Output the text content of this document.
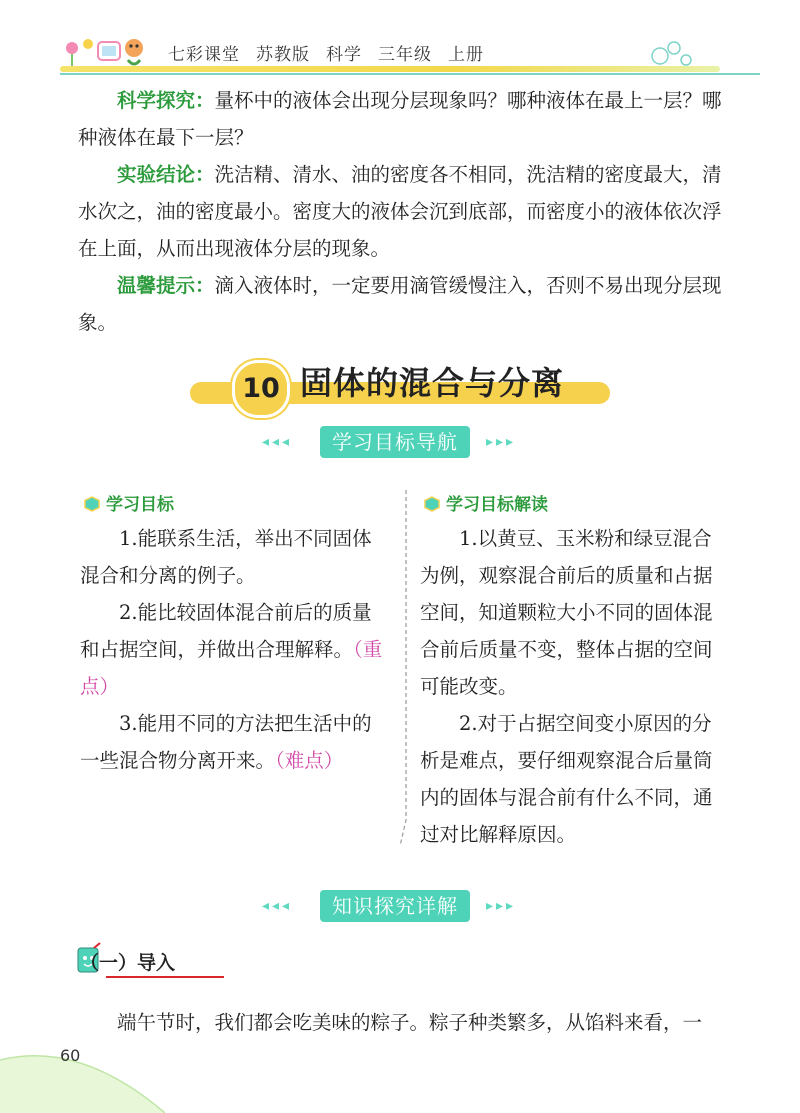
七彩课堂 苏教版 科学 三年级 上册

科学探究：量杯中的液体会出现分层现象吗？哪种液体在最上一层？哪种液体在最下一层？

实验结论：洗洁精、清水、油的密度各不相同，洗洁精的密度最大，清水次之，油的密度最小。密度大的液体会沉到底部，而密度小的液体依次浮在上面，从而出现液体分层的现象。

温馨提示：滴入液体时，一定要用滴管缓慢注入，否则不易出现分层现象。

10 固体的混合与分离
◂◂◂	学习目标导航	▸▸▸
学习目标

1.能联系生活，举出不同固体混合和分离的例子。

2.能比较固体混合前后的质量和占据空间，并做出合理解释。（重点）

3.能用不同的方法把生活中的一些混合物分离开来。（难点）

学习目标解读

1.以黄豆、玉米粉和绿豆混合为例，观察混合前后的质量和占据空间，知道颗粒大小不同的固体混合前后质量不变，整体占据的空间可能改变。

2.对于占据空间变小原因的分析是难点，要仔细观察混合后量筒内的固体与混合前有什么不同，通过对比解释原因。

◂◂◂	知识探究详解	▸▸▸
（一）导入

端午节时，我们都会吃美味的粽子。粽子种类繁多，从馅料来看，一

60
